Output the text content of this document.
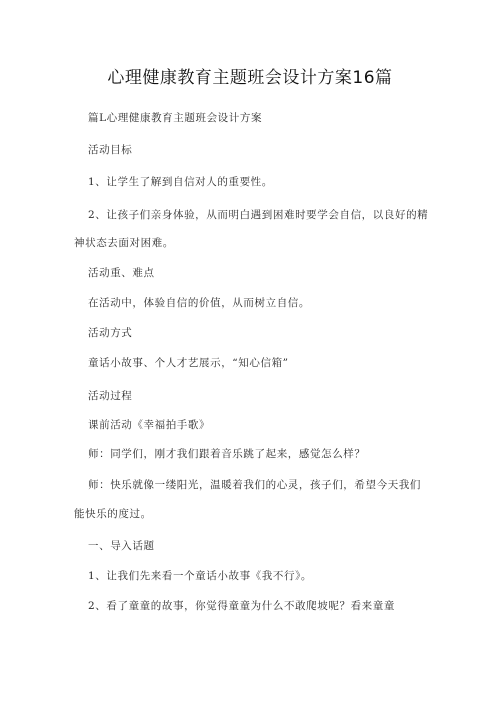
心理健康教育主题班会设计方案16篇
篇L心理健康教育主题班会设计方案
活动目标
1、让学生了解到自信对人的重要性。
2、让孩子们亲身体验，从而明白遇到困难时要学会自信，以良好的精
神状态去面对困难。
活动重、难点
在活动中，体验自信的价值，从而树立自信。
活动方式
童话小故事、个人才艺展示，“知心信箱”
活动过程
课前活动《幸福拍手歌》
师：同学们，刚才我们跟着音乐跳了起来，感觉怎么样？
师：快乐就像一缕阳光，温暖着我们的心灵，孩子们，希望今天我们
能快乐的度过。
一、导入话题
1、让我们先来看一个童话小故事《我不行》。
2、看了童童的故事，你觉得童童为什么不敢爬坡呢？看来童童
